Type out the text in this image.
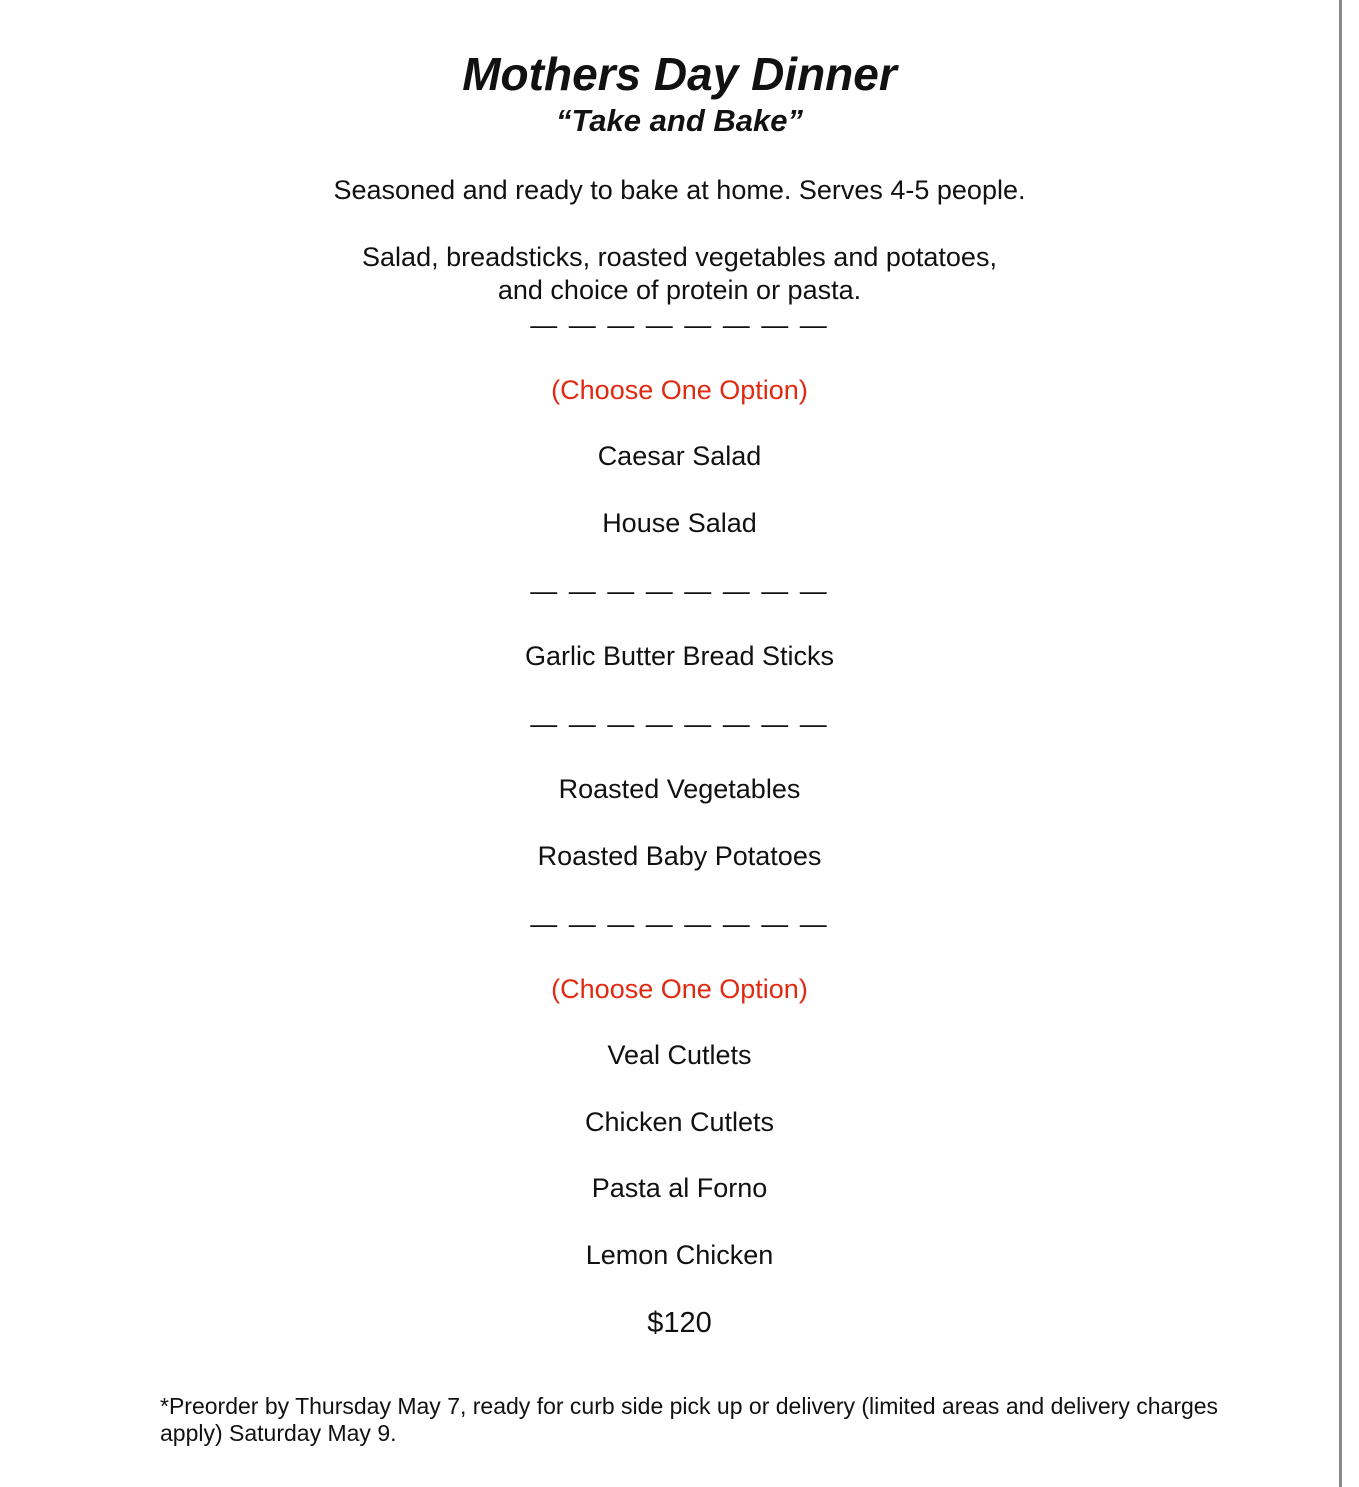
Mothers Day Dinner
“Take and Bake”
Seasoned and ready to bake at home. Serves 4-5 people.
Salad, breadsticks, roasted vegetables and potatoes,
and choice of protein or pasta.
— — — — — — — —
(Choose One Option)
Caesar Salad
House Salad
— — — — — — — —
Garlic Butter Bread Sticks
— — — — — — — —
Roasted Vegetables
Roasted Baby Potatoes
— — — — — — — —
(Choose One Option)
Veal Cutlets
Chicken Cutlets
Pasta al Forno
Lemon Chicken
$120
*Preorder by Thursday May 7, ready for curb side pick up or delivery (limited areas and delivery charges apply) Saturday May 9.
